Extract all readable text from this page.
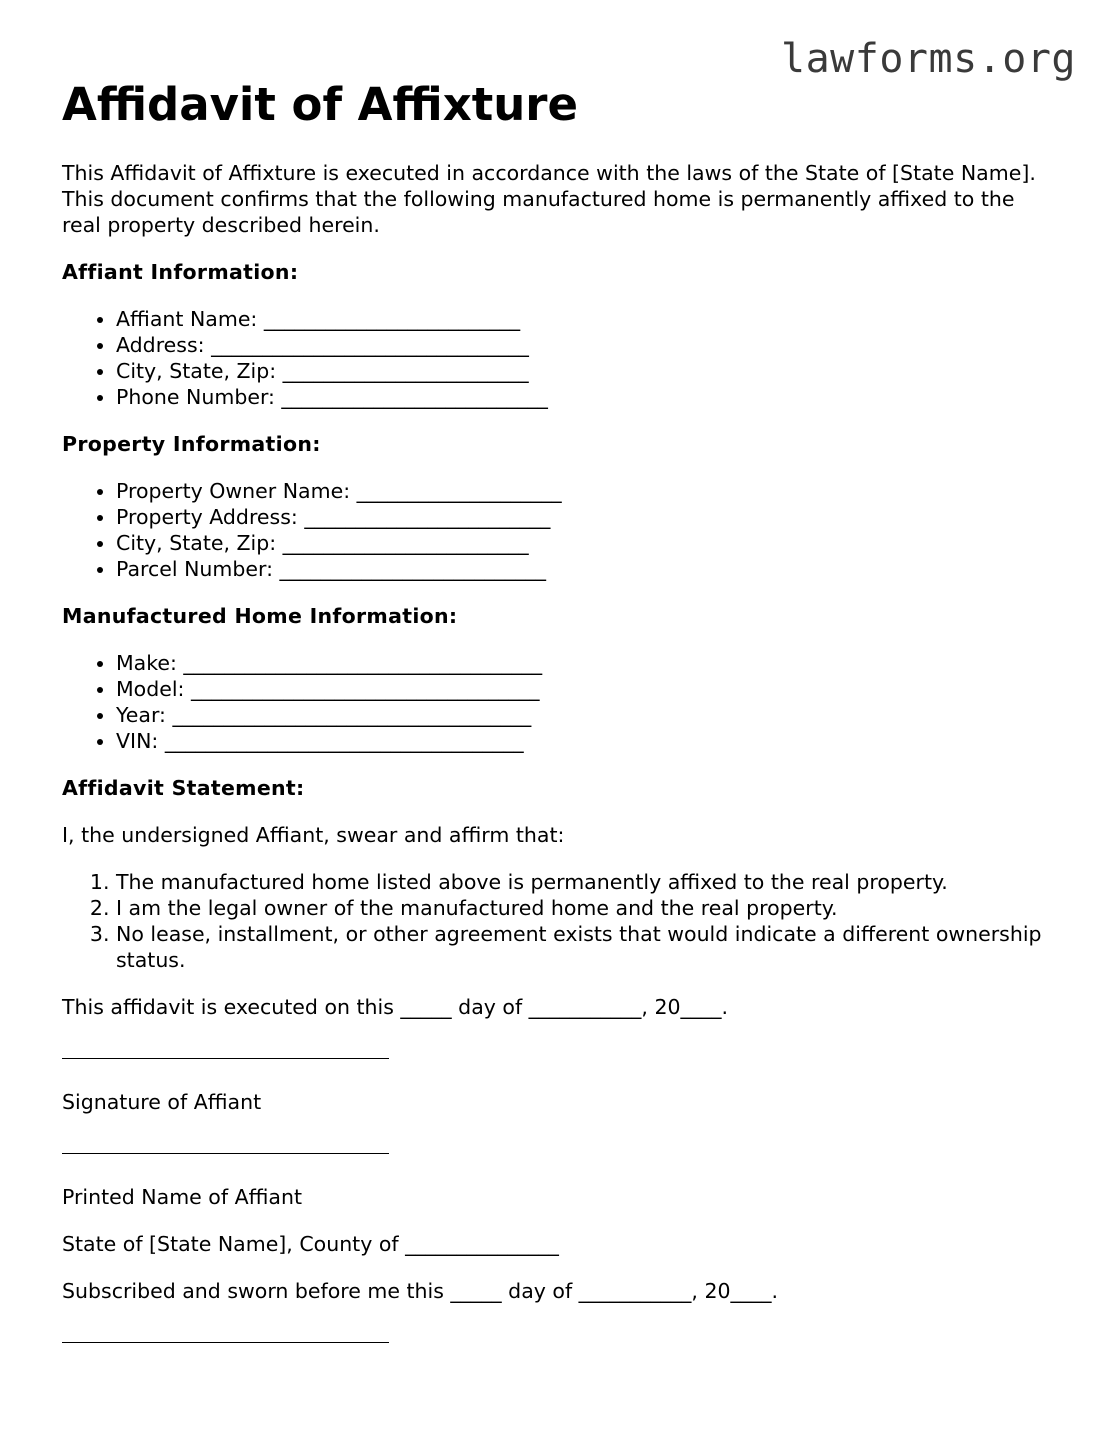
lawforms.org
Affidavit of Affixture

This Affidavit of Affixture is executed in accordance with the laws of the State of [State Name]. This document confirms that the following manufactured home is permanently affixed to the real property described herein.

Affiant Information:
• Affiant Name: _________________________
• Address: _______________________________
• City, State, Zip: ________________________
• Phone Number: __________________________
Property Information:
• Property Owner Name: ____________________
• Property Address: ________________________
• City, State, Zip: ________________________
• Parcel Number: __________________________
Manufactured Home Information:
• Make: ___________________________________
• Model: __________________________________
• Year: ___________________________________
• VIN: ___________________________________
Affidavit Statement:

I, the undersigned Affiant, swear and affirm that:

1. The manufactured home listed above is permanently affixed to the real property.
2. I am the legal owner of the manufactured home and the real property.
3. No lease, installment, or other agreement exists that would indicate a different ownership status.

This affidavit is executed on this _____ day of ___________, 20____.

Signature of Affiant

Printed Name of Affiant

State of [State Name], County of _______________

Subscribed and sworn before me this _____ day of ___________, 20____.
